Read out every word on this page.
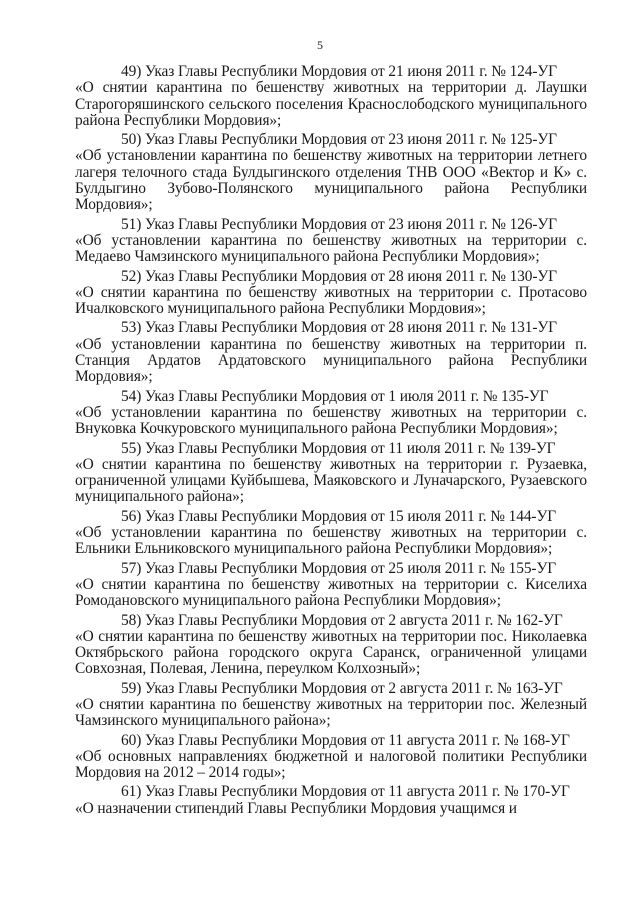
5

49) Указ Главы Республики Мордовия от 21 июня 2011 г. № 124-УГ
«О снятии карантина по бешенству животных на территории д. Лаушки Старогоряшинского сельского поселения Краснослободского муниципального района Республики Мордовия»;

50) Указ Главы Республики Мордовия от 23 июня 2011 г. № 125-УГ
«Об установлении карантина по бешенству животных на территории летнего лагеря телочного стада Булдыгинского отделения ТНВ ООО «Вектор и К» с. Булдыгино Зубово-Полянского муниципального района Республики Мордовия»;

51) Указ Главы Республики Мордовия от 23 июня 2011 г. № 126-УГ
«Об установлении карантина по бешенству животных на территории с. Медаево Чамзинского муниципального района Республики Мордовия»;

52) Указ Главы Республики Мордовия от 28 июня 2011 г. № 130-УГ
«О снятии карантина по бешенству животных на территории с. Протасово Ичалковского муниципального района Республики Мордовия»;

53) Указ Главы Республики Мордовия от 28 июня 2011 г. № 131-УГ
«Об установлении карантина по бешенству животных на территории п. Станция Ардатов Ардатовского муниципального района Республики Мордовия»;

54) Указ Главы Республики Мордовия от 1 июля 2011 г. № 135-УГ
«Об установлении карантина по бешенству животных на территории с. Внуковка Кочкуровского муниципального района Республики Мордовия»;

55) Указ Главы Республики Мордовия от 11 июля 2011 г. № 139-УГ
«О снятии карантина по бешенству животных на территории г. Рузаевка, ограниченной улицами Куйбышева, Маяковского и Луначарского, Рузаевского муниципального района»;

56) Указ Главы Республики Мордовия от 15 июля 2011 г. № 144-УГ
«Об установлении карантина по бешенству животных на территории с. Ельники Ельниковского муниципального района Республики Мордовия»;

57) Указ Главы Республики Мордовия от 25 июля 2011 г. № 155-УГ
«О снятии карантина по бешенству животных на территории с. Киселиха Ромодановского муниципального района Республики Мордовия»;

58) Указ Главы Республики Мордовия от 2 августа 2011 г. № 162-УГ
«О снятии карантина по бешенству животных на территории пос. Николаевка Октябрьского района городского округа Саранск, ограниченной улицами Совхозная, Полевая, Ленина, переулком Колхозный»;

59) Указ Главы Республики Мордовия от 2 августа 2011 г. № 163-УГ
«О снятии карантина по бешенству животных на территории пос. Железный Чамзинского муниципального района»;

60) Указ Главы Республики Мордовия от 11 августа 2011 г. № 168-УГ
«Об основных направлениях бюджетной и налоговой политики Республики Мордовия на 2012 – 2014 годы»;

61) Указ Главы Республики Мордовия от 11 августа 2011 г. № 170-УГ
«О назначении стипендий Главы Республики Мордовия учащимся и
